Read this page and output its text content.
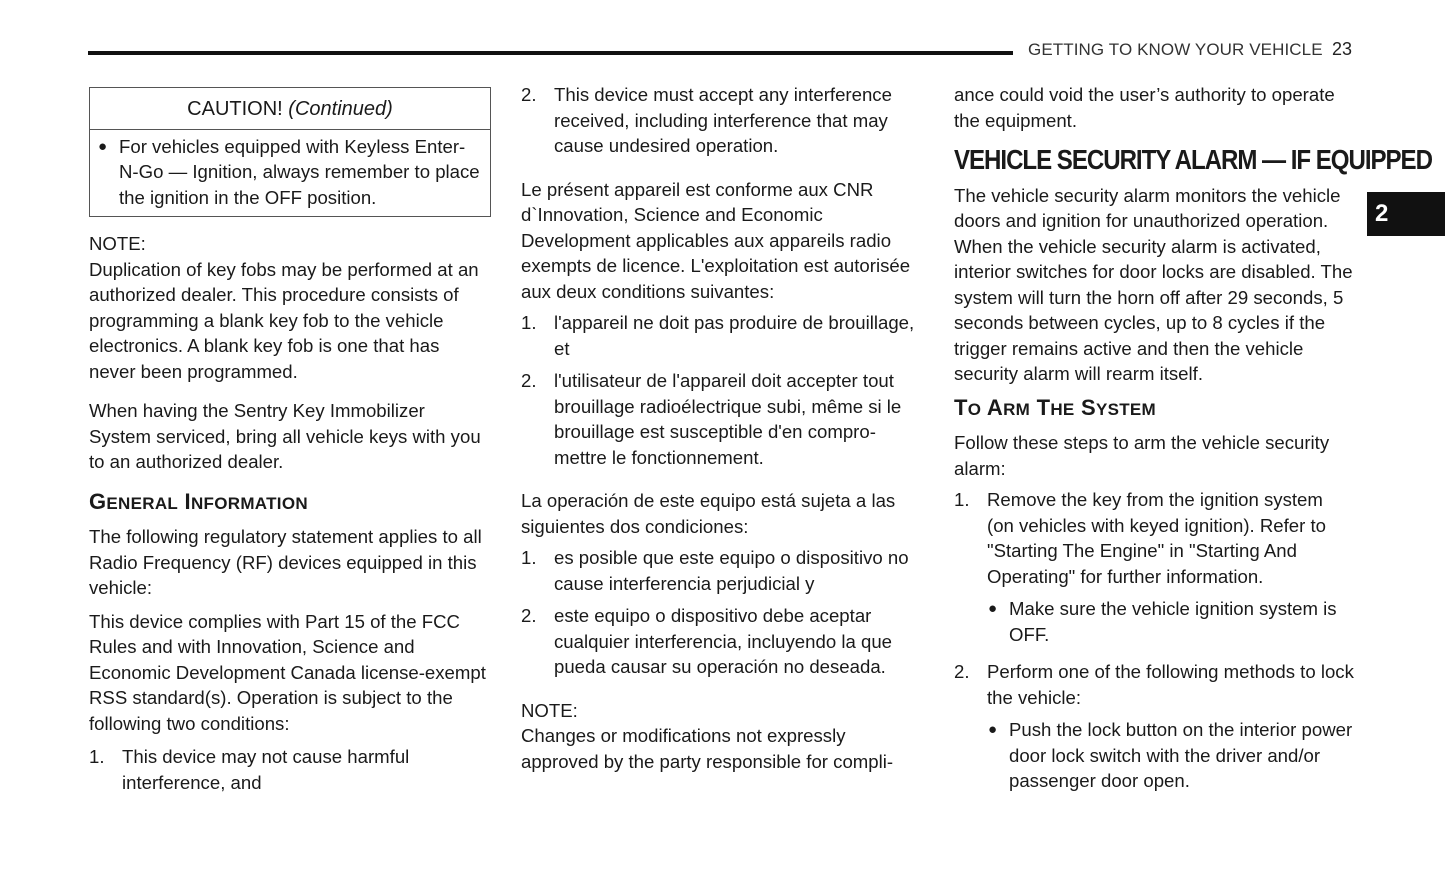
GETTING TO KNOW YOUR VEHICLE 23
2
CAUTION! (Continued)
● For vehicles equipped with Keyless Enter-N-Go — Ignition, always remember to place the ignition in the OFF position.

NOTE:

Duplication of key fobs may be performed at an authorized dealer. This procedure consists of programming a blank key fob to the vehicle electronics. A blank key fob is one that has never been programmed.

When having the Sentry Key Immobilizer System serviced, bring all vehicle keys with you to an authorized dealer.

GENERAL INFORMATION

The following regulatory statement applies to all Radio Frequency (RF) devices equipped in this vehicle:

This device complies with Part 15 of the FCC Rules and with Innovation, Science and Economic Development Canada license-exempt RSS standard(s). Operation is subject to the following two conditions:

1. This device may not cause harmful interference, and
2. This device must accept any interference received, including interference that may cause undesired operation.

Le présent appareil est conforme aux CNR d`Innovation, Science and Economic Development applicables aux appareils radio exempts de licence. L'exploitation est autorisée aux deux conditions suivantes:

1. l'appareil ne doit pas produire de brouillage, et
2. l'utilisateur de l'appareil doit accepter tout brouillage radioélectrique subi, même si le brouillage est susceptible d'en compro-mettre le fonctionnement.

La operación de este equipo está sujeta a las siguientes dos condiciones:

1. es posible que este equipo o dispositivo no cause interferencia perjudicial y
2. este equipo o dispositivo debe aceptar cualquier interferencia, incluyendo la que pueda causar su operación no deseada.

NOTE:

Changes or modifications not expressly approved by the party responsible for compli-

ance could void the user’s authority to operate the equipment.

VEHICLE SECURITY ALARM — IF EQUIPPED

The vehicle security alarm monitors the vehicle doors and ignition for unauthorized operation. When the vehicle security alarm is activated, interior switches for door locks are disabled. The system will turn the horn off after 29 seconds, 5 seconds between cycles, up to 8 cycles if the trigger remains active and then the vehicle security alarm will rearm itself.

TO ARM THE SYSTEM

Follow these steps to arm the vehicle security alarm:

1. Remove the key from the ignition system (on vehicles with keyed ignition). Refer to "Starting The Engine" in "Starting And Operating" for further information.
● Make sure the vehicle ignition system is OFF.
2. Perform one of the following methods to lock the vehicle:
● Push the lock button on the interior power door lock switch with the driver and/or passenger door open.
